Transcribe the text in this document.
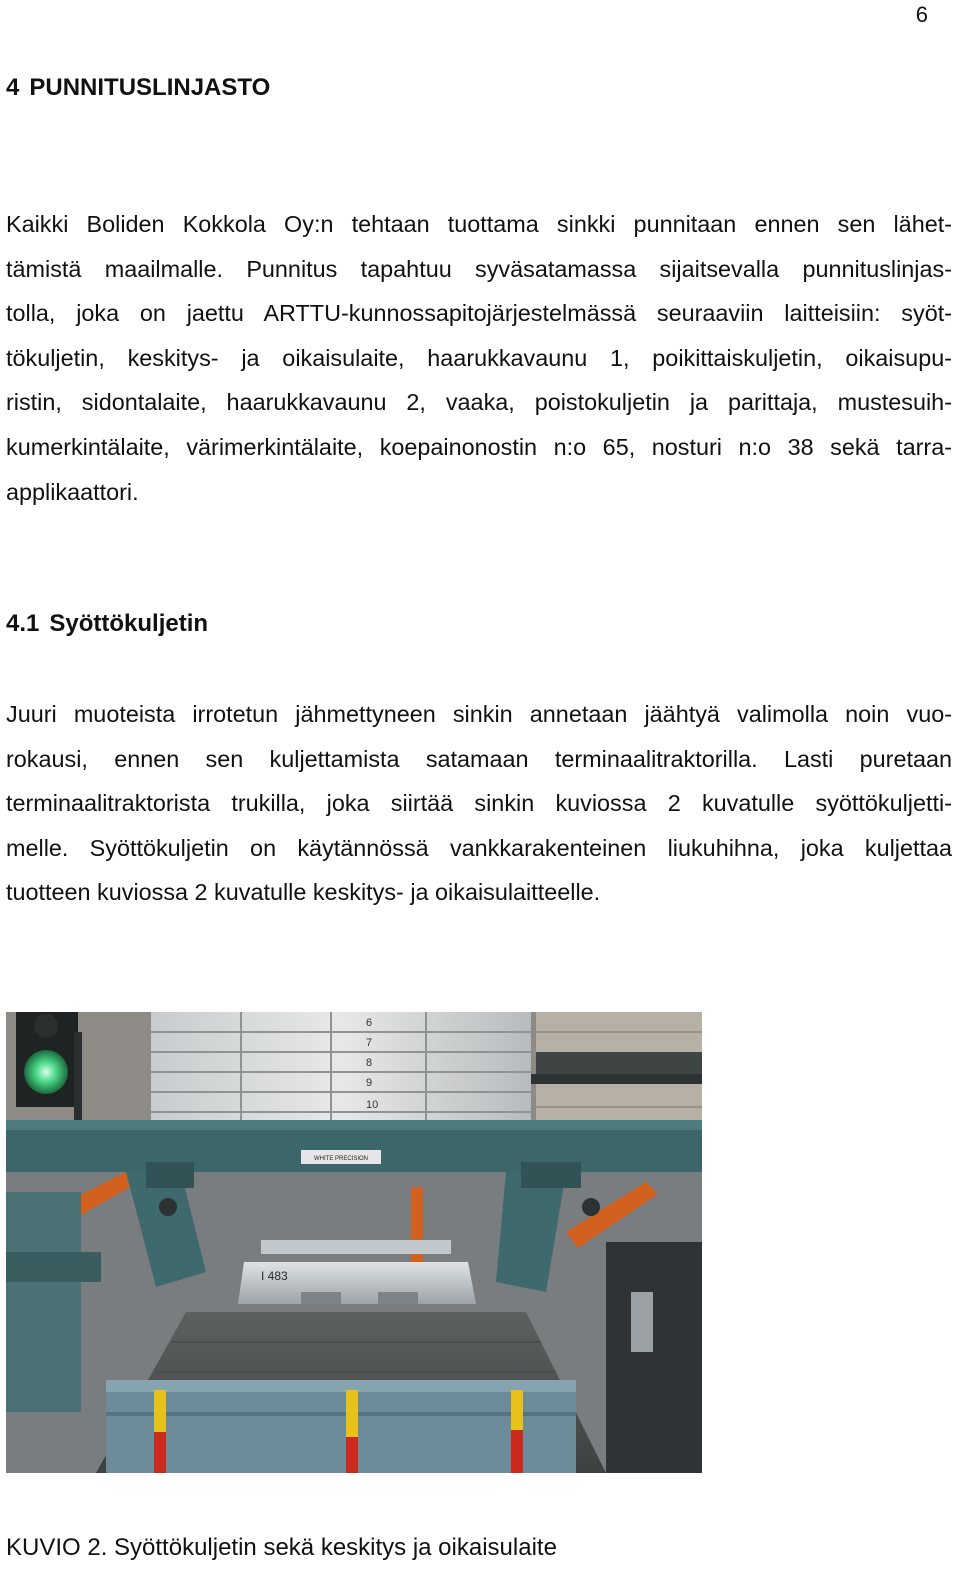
6
4 PUNNITUSLINJASTO

Kaikki Boliden Kokkola Oy:n tehtaan tuottama sinkki punnitaan ennen sen lähet-
tämistä maailmalle. Punnitus tapahtuu syväsatamassa sijaitsevalla punnituslinjas-
tolla, joka on jaettu ARTTU-kunnossapitojärjestelmässä seuraaviin laitteisiin: syöt-
tökuljetin, keskitys- ja oikaisulaite, haarukkavaunu 1, poikittaiskuljetin, oikaisupu-
ristin, sidontalaite, haarukkavaunu 2, vaaka, poistokuljetin ja parittaja, mustesuih-
kumerkintälaite, värimerkintälaite, koepainonostin n:o 65, nosturi n:o 38 sekä tarra-
applikaattori.

4.1 Syöttökuljetin

Juuri muoteista irrotetun jähmettyneen sinkin annetaan jäähtyä valimolla noin vuo-
rokausi, ennen sen kuljettamista satamaan terminaalitraktorilla. Lasti puretaan
terminaalitraktorista trukilla, joka siirtää sinkin kuviossa 2 kuvatulle syöttökuljetti-
melle. Syöttökuljetin on käytännössä vankkarakenteinen liukuhihna, joka kuljettaa
tuotteen kuviossa 2 kuvatulle keskitys- ja oikaisulaitteelle.

6
7
8
9
10
WHITE PRECISION
I 483

KUVIO 2. Syöttökuljetin sekä keskitys ja oikaisulaite
